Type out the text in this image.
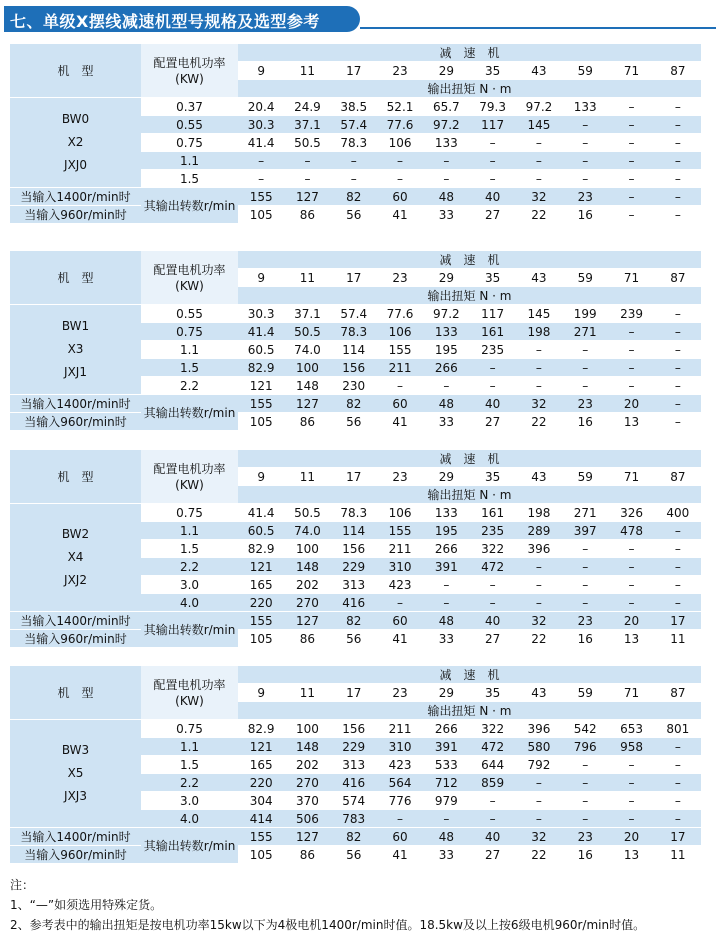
七、单级X摆线减速机型号规格及选型参考
机　型	配置电机功率(KW)	减　速　机									
		9	11	17	23	29	35	43	59	71	87
		输出扭矩 N · m									

BW0
X2
JXJ0	0.37	20.4	24.9	38.5	52.1	65.7	79.3	97.2	133	–	–
	0.55	30.3	37.1	57.4	77.6	97.2	117	145	–	–	–
	0.75	41.4	50.5	78.3	106	133	–	–	–	–	–
	1.1	–	–	–	–	–	–	–	–	–	–
	1.5	–	–	–	–	–	–	–	–	–	–
当输入1400r/min时	其输出转数r/min	155	127	82	60	48	40	32	23	–	–
当输入960r/min时		105	86	56	41	33	27	22	16	–	–
机　型	配置电机功率(KW)	减　速　机									
		9	11	17	23	29	35	43	59	71	87
		输出扭矩 N · m									

BW1
X3
JXJ1	0.55	30.3	37.1	57.4	77.6	97.2	117	145	199	239	–
	0.75	41.4	50.5	78.3	106	133	161	198	271	–	–
	1.1	60.5	74.0	114	155	195	235	–	–	–	–
	1.5	82.9	100	156	211	266	–	–	–	–	–
	2.2	121	148	230	–	–	–	–	–	–	–
当输入1400r/min时	其输出转数r/min	155	127	82	60	48	40	32	23	20	–
当输入960r/min时		105	86	56	41	33	27	22	16	13	–
机　型	配置电机功率(KW)	减　速　机									
		9	11	17	23	29	35	43	59	71	87
		输出扭矩 N · m									

BW2
X4
JXJ2	0.75	41.4	50.5	78.3	106	133	161	198	271	326	400
	1.1	60.5	74.0	114	155	195	235	289	397	478	–
	1.5	82.9	100	156	211	266	322	396	–	–	–
	2.2	121	148	229	310	391	472	–	–	–	–
	3.0	165	202	313	423	–	–	–	–	–	–
	4.0	220	270	416	–	–	–	–	–	–	–
当输入1400r/min时	其输出转数r/min	155	127	82	60	48	40	32	23	20	17
当输入960r/min时		105	86	56	41	33	27	22	16	13	11
机　型	配置电机功率(KW)	减　速　机									
		9	11	17	23	29	35	43	59	71	87
		输出扭矩 N · m									

BW3
X5
JXJ3	0.75	82.9	100	156	211	266	322	396	542	653	801
	1.1	121	148	229	310	391	472	580	796	958	–
	1.5	165	202	313	423	533	644	792	–	–	–
	2.2	220	270	416	564	712	859	–	–	–	–
	3.0	304	370	574	776	979	–	–	–	–	–
	4.0	414	506	783	–	–	–	–	–	–	–
当输入1400r/min时	其输出转数r/min	155	127	82	60	48	40	32	23	20	17
当输入960r/min时		105	86	56	41	33	27	22	16	13	11
注：
1、“—”如须选用特殊定货。
2、参考表中的输出扭矩是按电机功率15kw以下为4极电机1400r/min时值。18.5kw及以上按6级电机960r/min时值。
